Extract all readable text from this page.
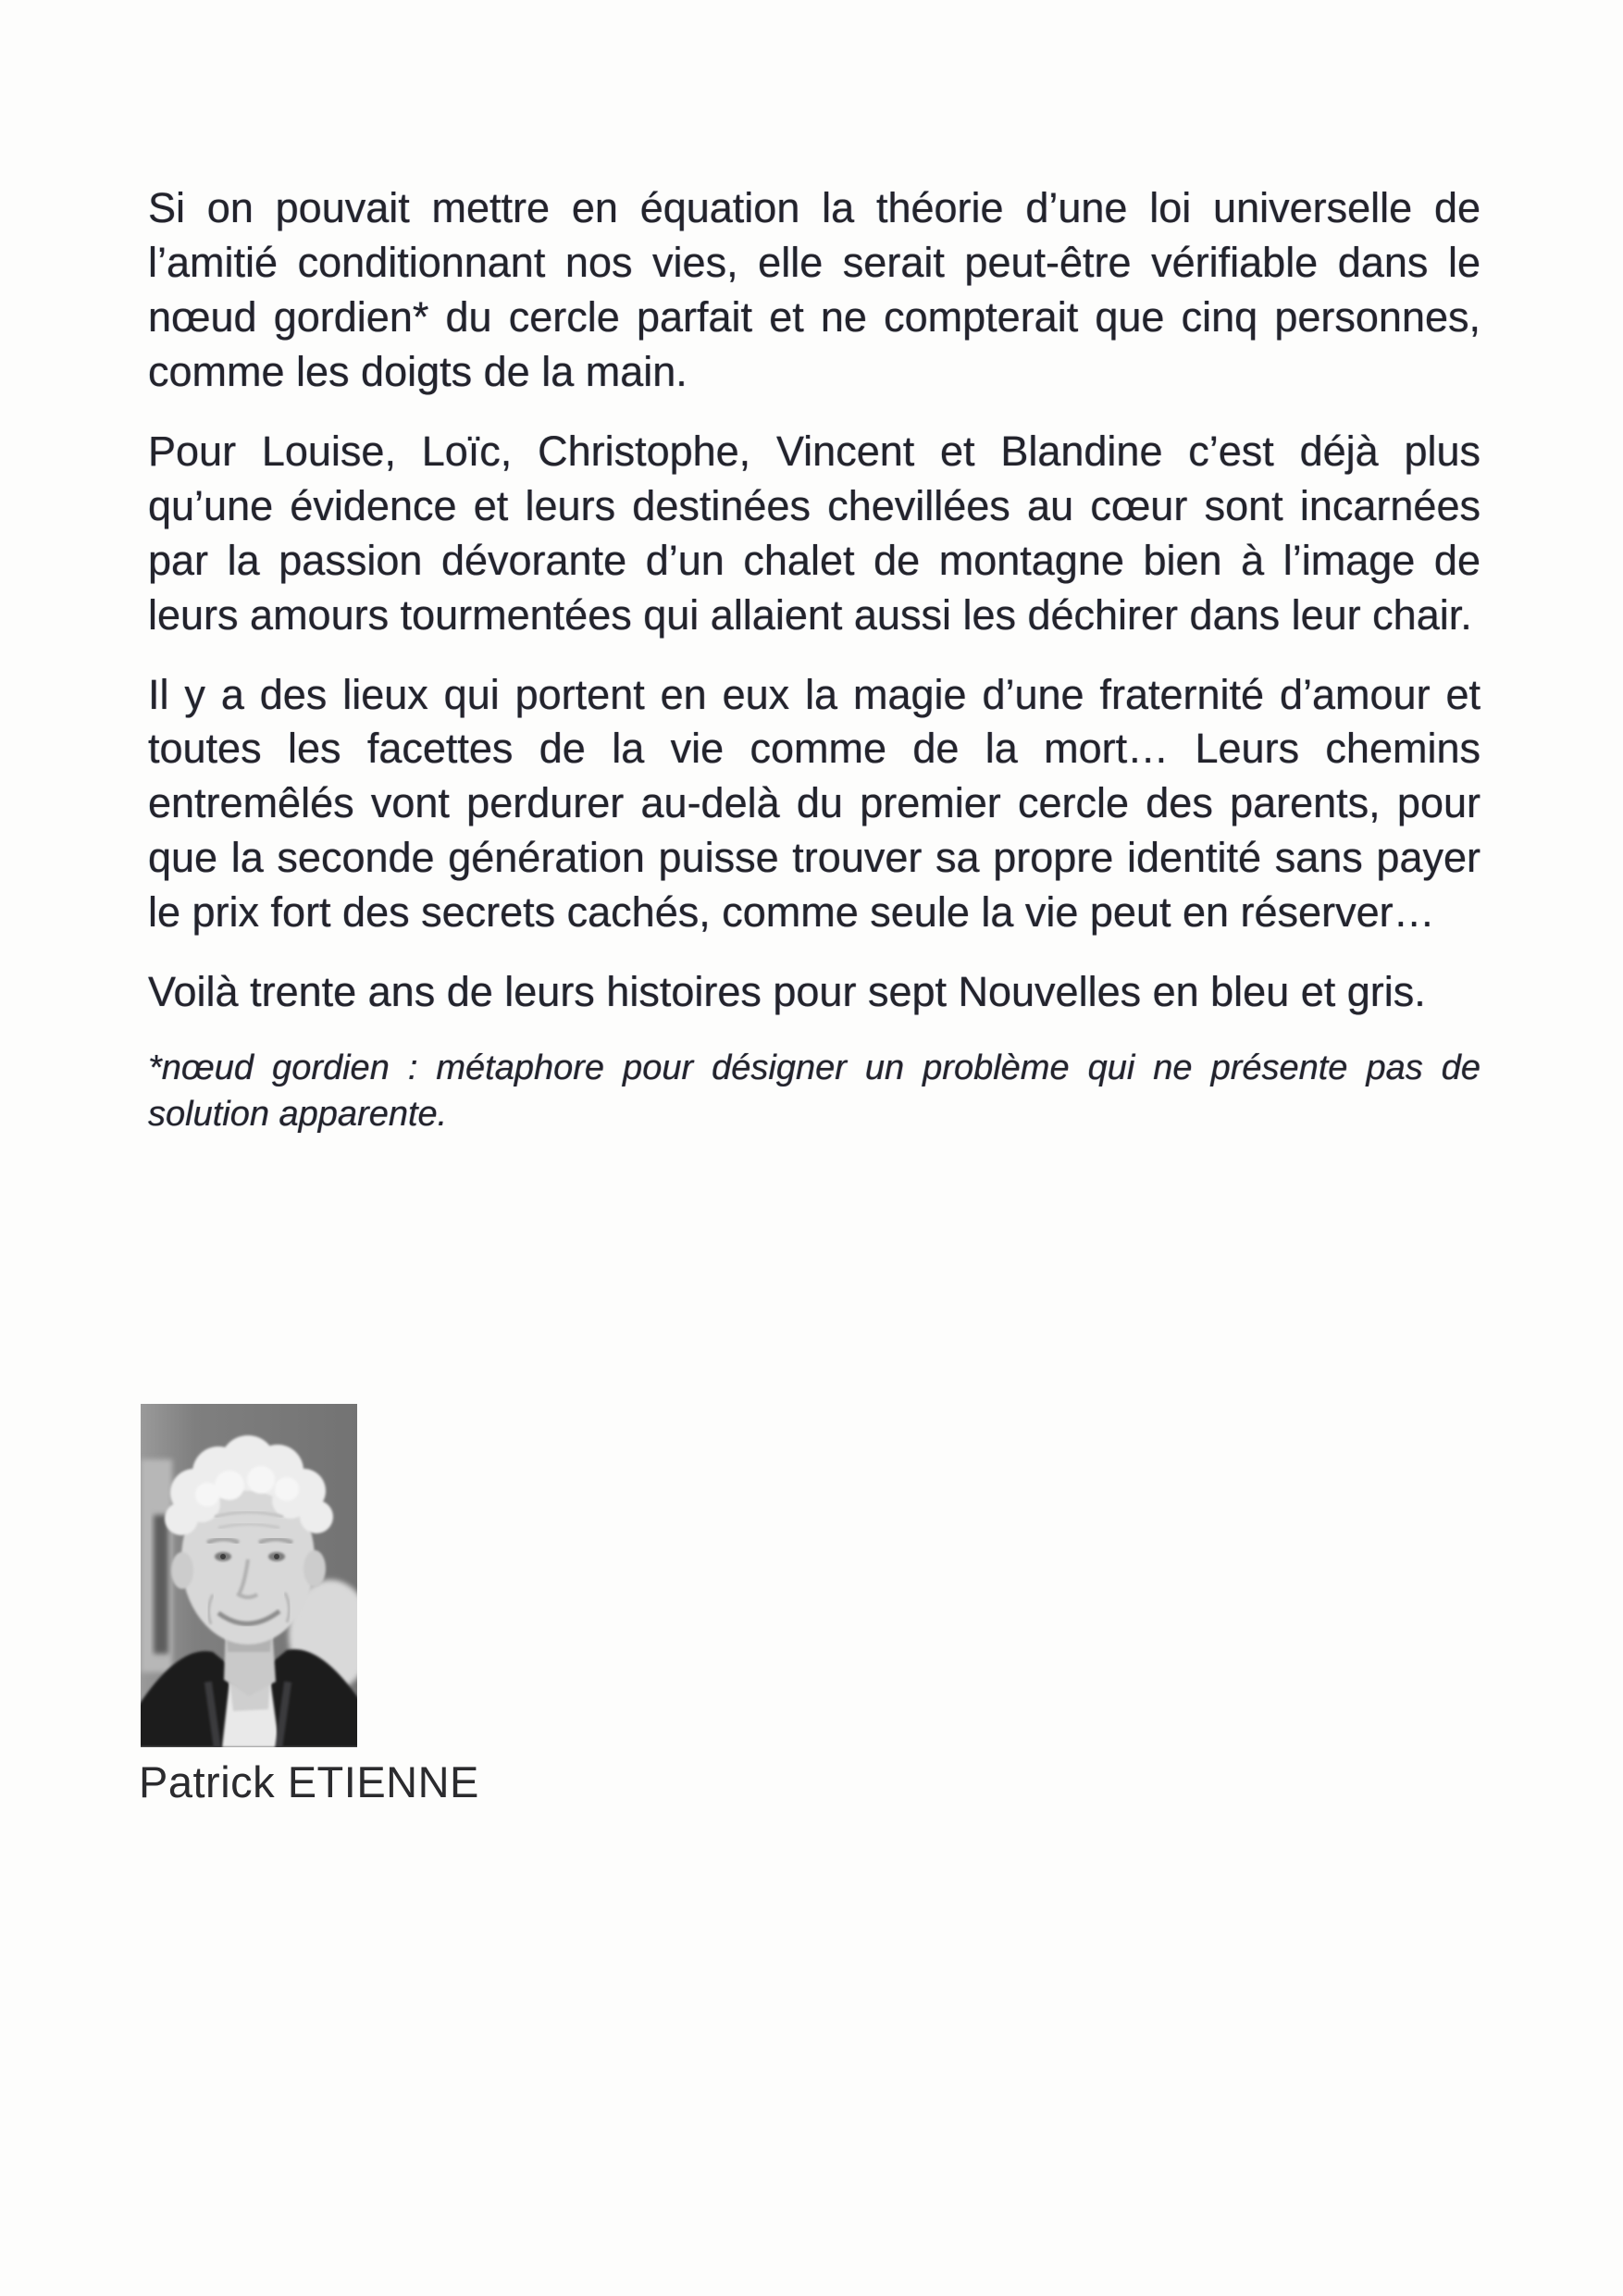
Si on pouvait mettre en équation la théorie d’une loi universelle de l’amitié conditionnant nos vies, elle serait peut-être vérifiable dans le nœud gordien* du cercle parfait et ne compterait que cinq personnes, comme les doigts de la main.

Pour Louise, Loïc, Christophe, Vincent et Blandine c’est déjà plus qu’une évidence et leurs destinées chevillées au cœur sont incarnées par la passion dévorante d’un chalet de montagne bien à l’image de leurs amours tourmentées qui allaient aussi les déchirer dans leur chair.

Il y a des lieux qui portent en eux la magie d’une fraternité d’amour et toutes les facettes de la vie comme de la mort… Leurs chemins entremêlés vont perdurer au-delà du premier cercle des parents, pour que la seconde génération puisse trouver sa propre identité sans payer le prix fort des secrets cachés, comme seule la vie peut en réserver…

Voilà trente ans de leurs histoires pour sept Nouvelles en bleu et gris.

*nœud gordien : métaphore pour désigner un problème qui ne présente pas de solution apparente.

Patrick ETIENNE
